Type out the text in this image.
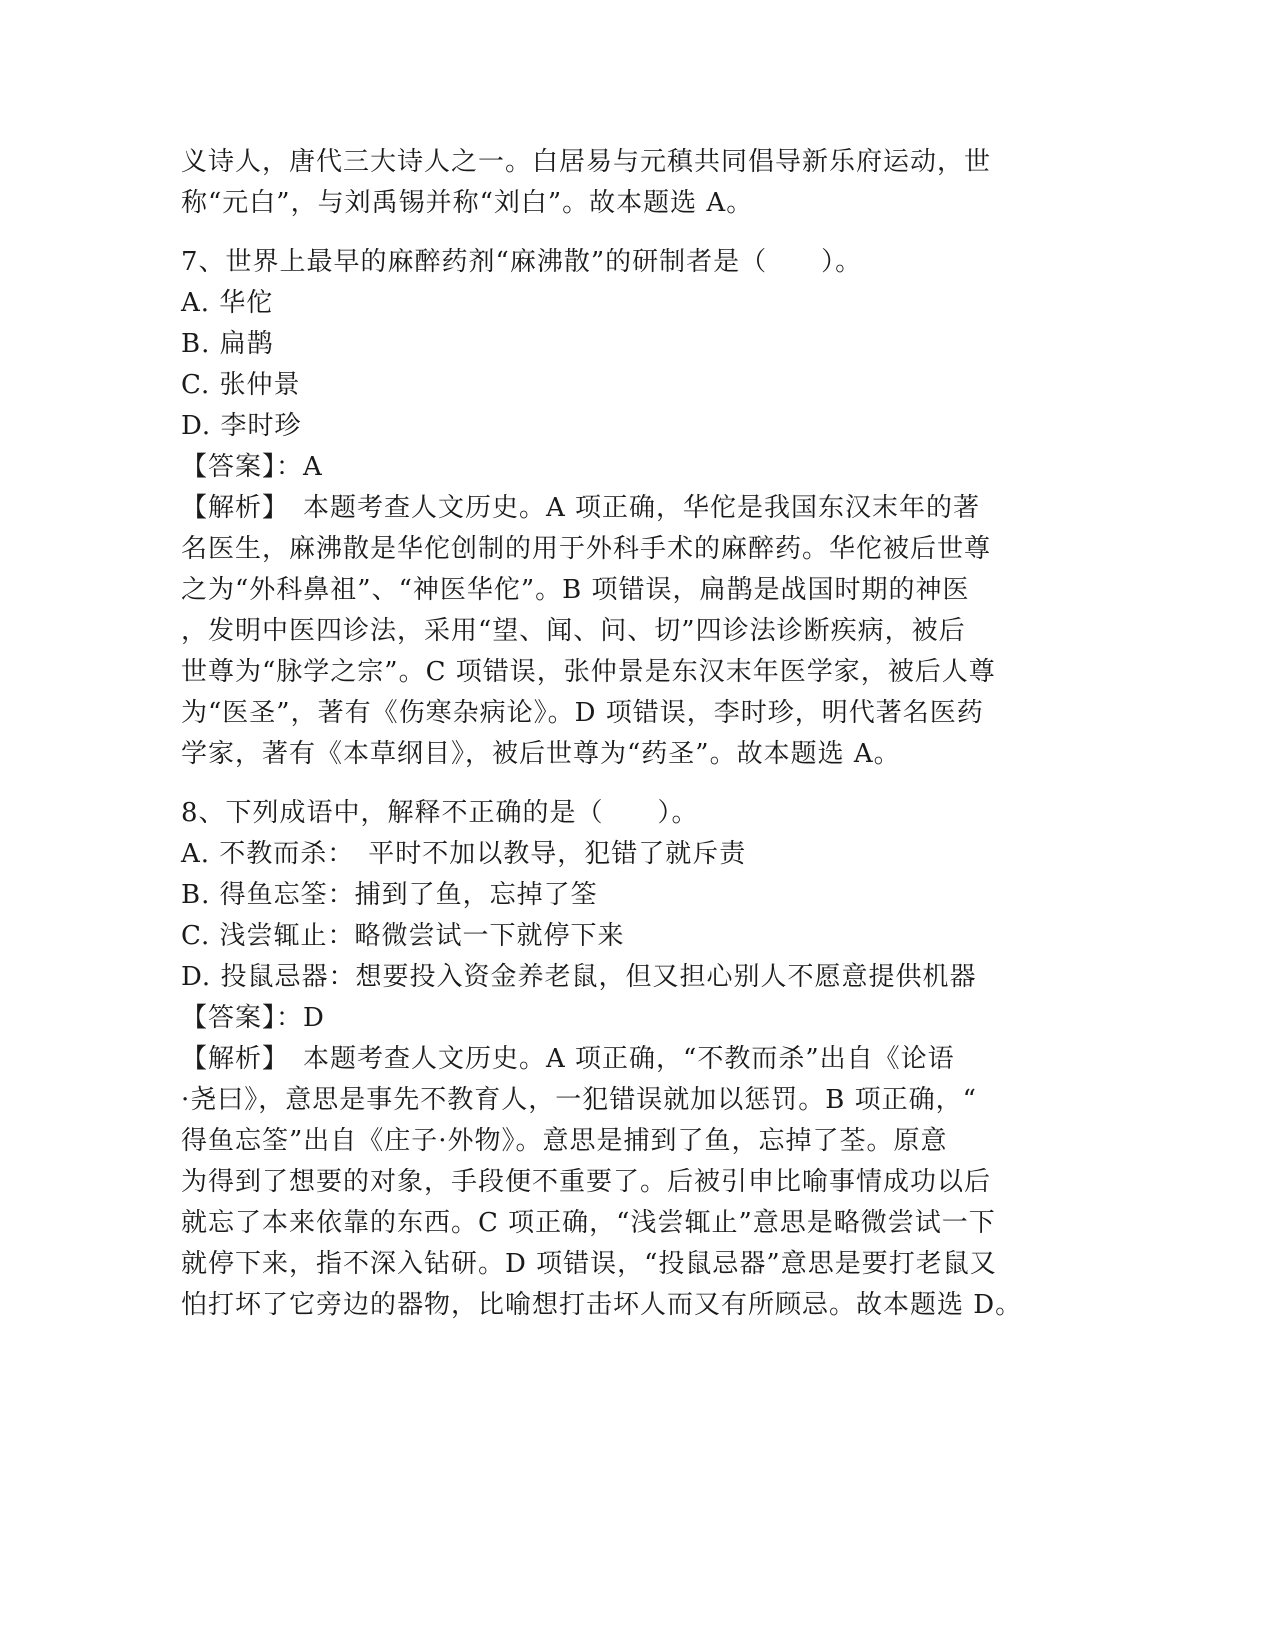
义诗人，唐代三大诗人之一。白居易与元稹共同倡导新乐府运动，世
称“元白”，与刘禹锡并称“刘白”。故本题选 A。
7、世界上最早的麻醉药剂“麻沸散”的研制者是（　　）。
A. 华佗
B. 扁鹊
C. 张仲景
D. 李时珍
【答案】：A
【解析】　本题考查人文历史。A 项正确，华佗是我国东汉末年的著
名医生，麻沸散是华佗创制的用于外科手术的麻醉药。华佗被后世尊
之为“外科鼻祖”、“神医华佗”。B 项错误，扁鹊是战国时期的神医
，发明中医四诊法，采用“望、闻、问、切”四诊法诊断疾病，被后
世尊为“脉学之宗”。C 项错误，张仲景是东汉末年医学家，被后人尊
为“医圣”，著有《伤寒杂病论》。D 项错误，李时珍，明代著名医药
学家，著有《本草纲目》，被后世尊为“药圣”。故本题选 A。
8、下列成语中，解释不正确的是（　　）。
A. 不教而杀：　平时不加以教导，犯错了就斥责
B. 得鱼忘筌：捕到了鱼，忘掉了筌
C. 浅尝辄止：略微尝试一下就停下来
D. 投鼠忌器：想要投入资金养老鼠，但又担心别人不愿意提供机器
【答案】：D
【解析】　本题考查人文历史。A 项正确，“不教而杀”出自《论语
·尧曰》，意思是事先不教育人，一犯错误就加以惩罚。B 项正确，“
得鱼忘筌”出自《庄子·外物》。意思是捕到了鱼，忘掉了荃。原意
为得到了想要的对象，手段便不重要了。后被引申比喻事情成功以后
就忘了本来依靠的东西。C 项正确，“浅尝辄止”意思是略微尝试一下
就停下来，指不深入钻研。D 项错误，“投鼠忌器”意思是要打老鼠又
怕打坏了它旁边的器物，比喻想打击坏人而又有所顾忌。故本题选 D。
